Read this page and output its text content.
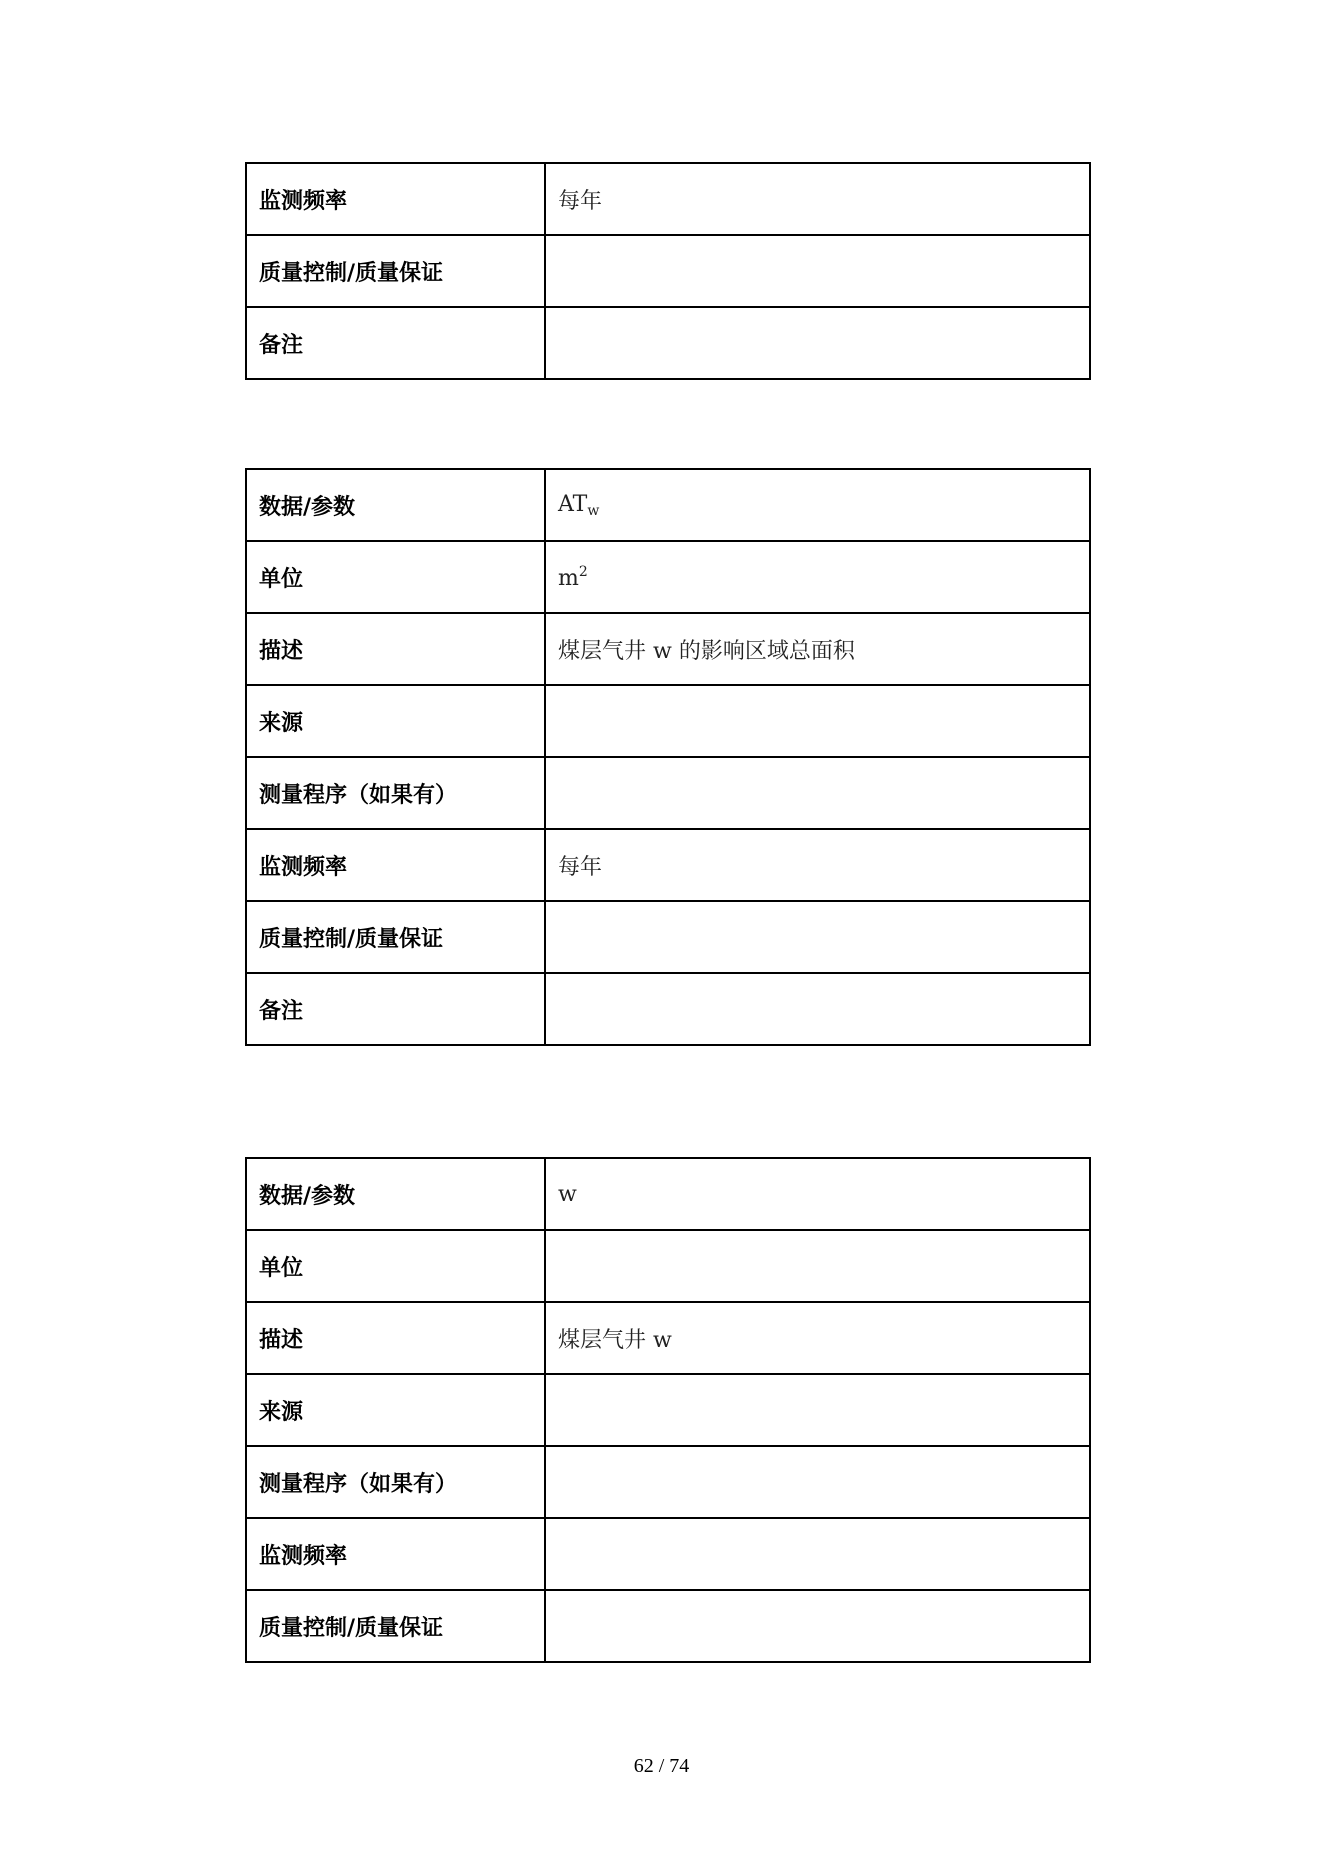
监测频率	每年
质量控制/质量保证	
备注	
数据/参数	$AT_w$
单位	$m^2$
描述	煤层气井 w 的影响区域总面积
来源	
测量程序（如果有）	
监测频率	每年
质量控制/质量保证	
备注	
数据/参数	w
单位	
描述	煤层气井 w
来源	
测量程序（如果有）	
监测频率	
质量控制/质量保证	
62 / 74
